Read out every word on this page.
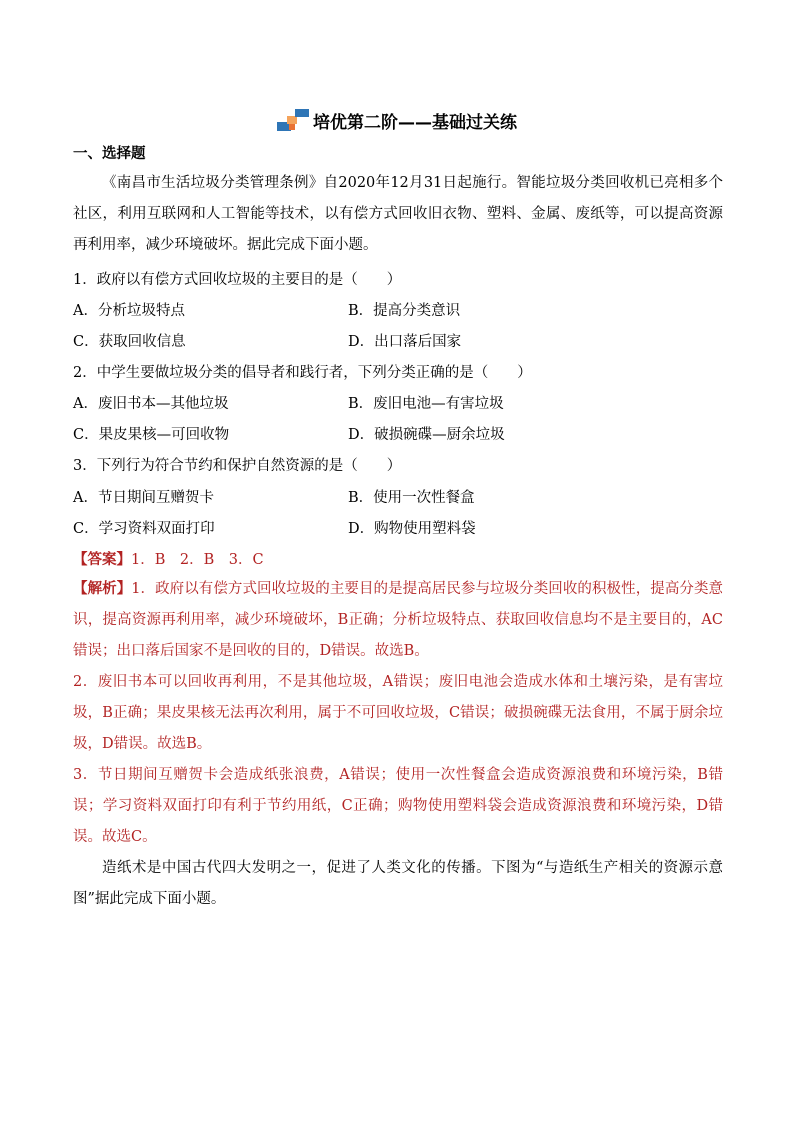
培优第二阶——基础过关练
一、选择题

《南昌市生活垃圾分类管理条例》自2020年12月31日起施行。智能垃圾分类回收机已亮相多个社区，利用互联网和人工智能等技术，以有偿方式回收旧衣物、塑料、金属、废纸等，可以提高资源再利用率，减少环境破坏。据此完成下面小题。

1．政府以有偿方式回收垃圾的主要目的是（　　）
A．分析垃圾特点	B．提高分类意识
C．获取回收信息	D．出口落后国家
2．中学生要做垃圾分类的倡导者和践行者，下列分类正确的是（　　）
A．废旧书本—其他垃圾	B．废旧电池—有害垃圾
C．果皮果核—可回收物	D．破损碗碟—厨余垃圾
3．下列行为符合节约和保护自然资源的是（　　）
A．节日期间互赠贺卡	B．使用一次性餐盒
C．学习资料双面打印	D．购物使用塑料袋
【答案】1．B　2．B　3．C

【解析】1．政府以有偿方式回收垃圾的主要目的是提高居民参与垃圾分类回收的积极性，提高分类意识，提高资源再利用率，减少环境破坏，B正确；分析垃圾特点、获取回收信息均不是主要目的，AC错误；出口落后国家不是回收的目的，D错误。故选B。

2．废旧书本可以回收再利用，不是其他垃圾，A错误；废旧电池会造成水体和土壤污染，是有害垃圾，B正确；果皮果核无法再次利用，属于不可回收垃圾，C错误；破损碗碟无法食用，不属于厨余垃圾，D错误。故选B。

3．节日期间互赠贺卡会造成纸张浪费，A错误；使用一次性餐盒会造成资源浪费和环境污染，B错误；学习资料双面打印有利于节约用纸，C正确；购物使用塑料袋会造成资源浪费和环境污染，D错误。故选C。

造纸术是中国古代四大发明之一，促进了人类文化的传播。下图为“与造纸生产相关的资源示意图”据此完成下面小题。
